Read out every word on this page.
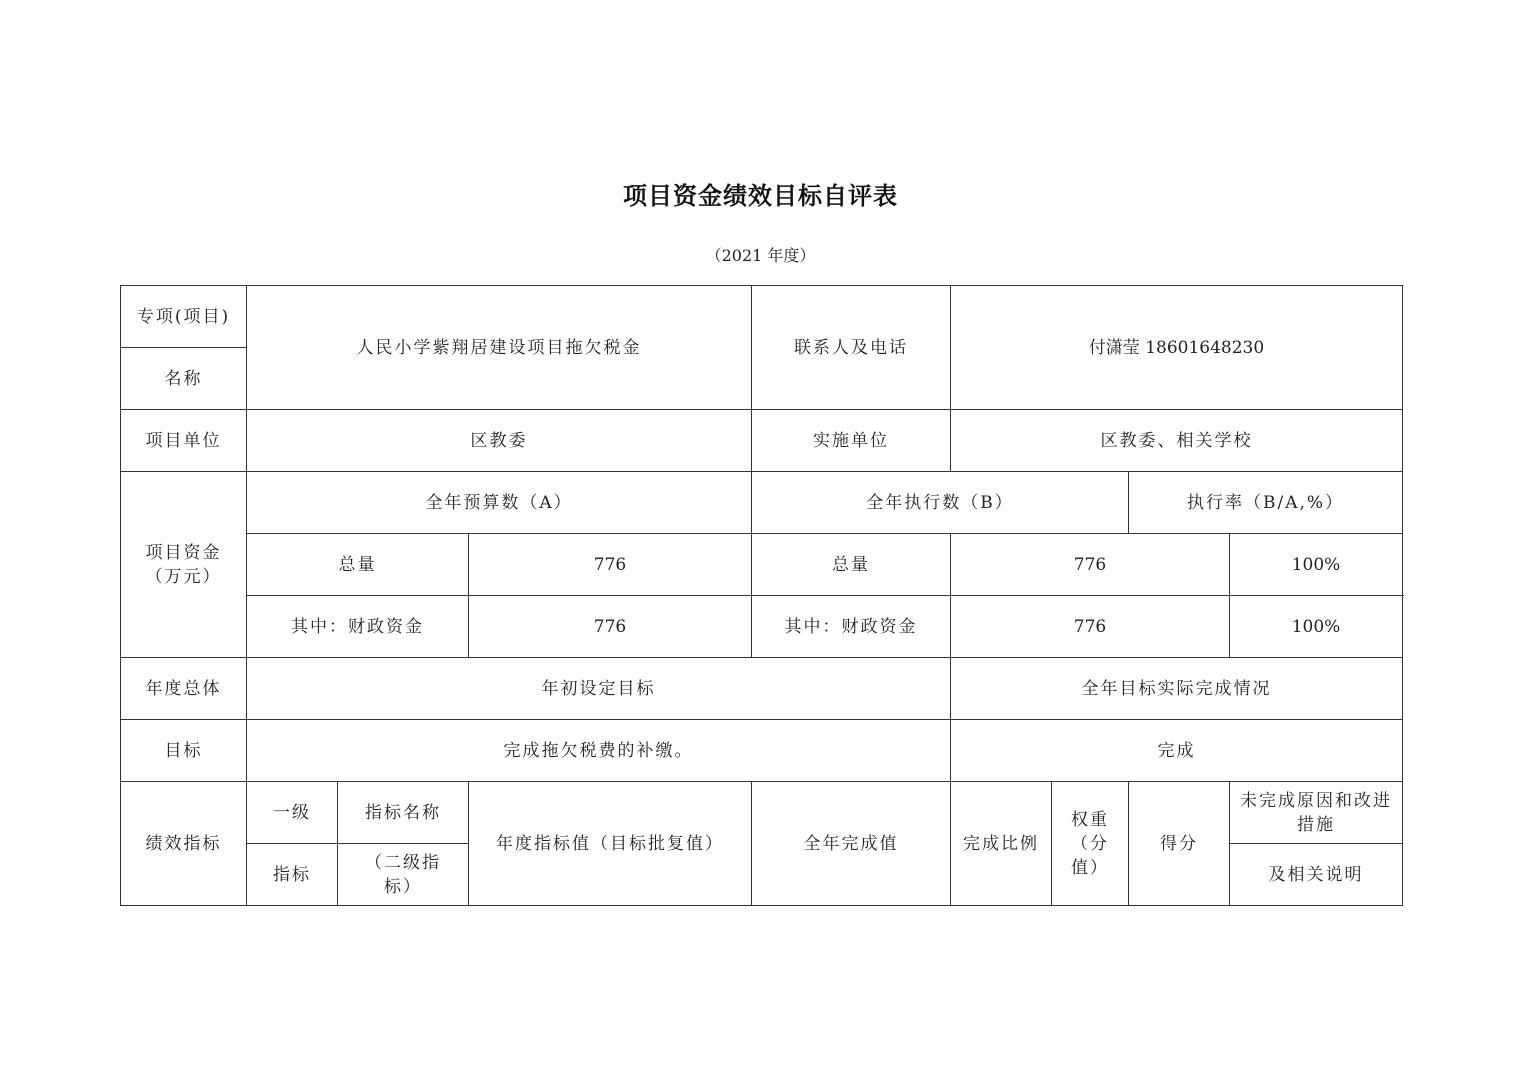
项目资金绩效目标自评表
（2021 年度）
专项(项目)	人民小学紫翔居建设项目拖欠税金			联系人及电话	付潇莹 18601648230			
名称								
项目单位	区教委			实施单位	区教委、相关学校			

项目资金
（万元）	全年预算数（A）			全年执行数（B）			执行率（B/A,%）	
	总量		776	总量	776			100%
	其中：财政资金		776	其中：财政资金	776			100%
年度总体	年初设定目标				全年目标实际完成情况			
目标	完成拖欠税费的补缴。				完成			
绩效指标	一级	指标名称	年度指标值（目标批复值）	全年完成值	完成比例	权重（分值）	得分	未完成原因和改进措施
	指标	（二级指标）						及相关说明
